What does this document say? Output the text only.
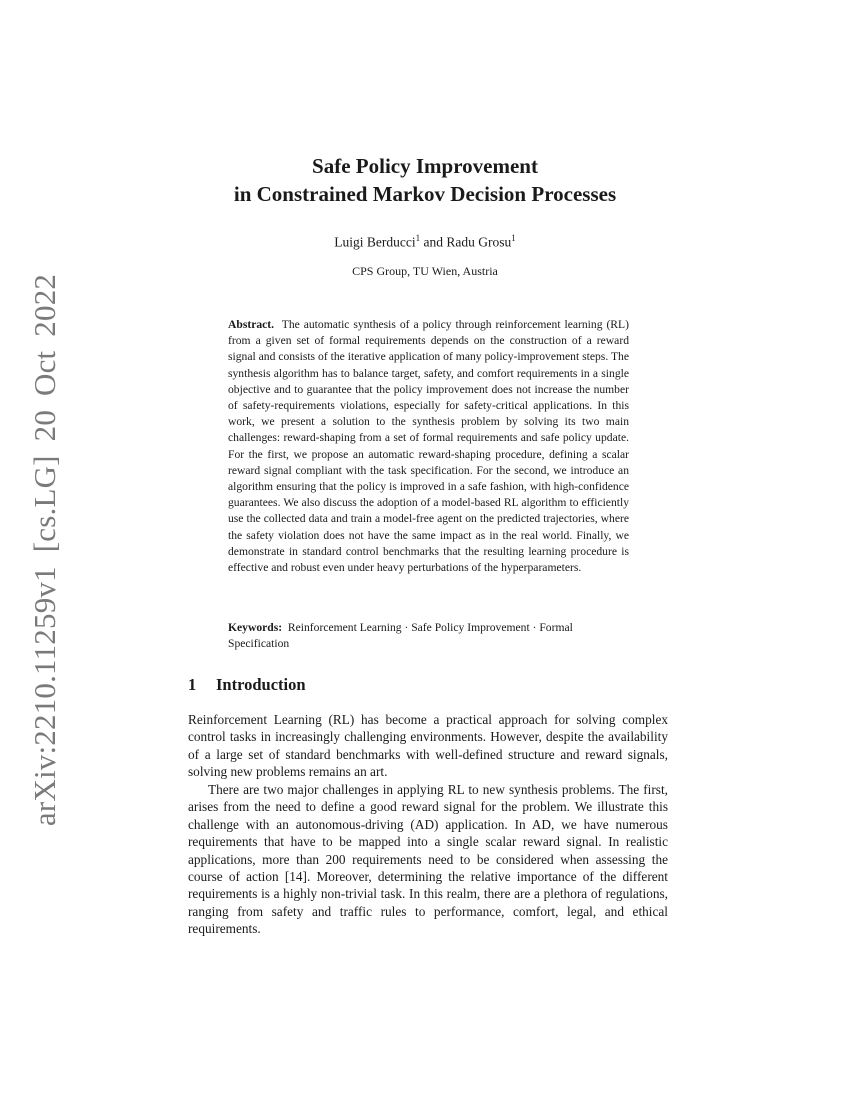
arXiv:2210.11259v1 [cs.LG] 20 Oct 2022
Safe Policy Improvement
in Constrained Markov Decision Processes
Luigi Berducci$^1$ and Radu Grosu$^1$
CPS Group, TU Wien, Austria
Abstract. The automatic synthesis of a policy through reinforcement learning (RL) from a given set of formal requirements depends on the construction of a reward signal and consists of the iterative application of many policy-improvement steps. The synthesis algorithm has to balance target, safety, and comfort requirements in a single objective and to guarantee that the policy improvement does not increase the number of safety-requirements violations, especially for safety-critical applications. In this work, we present a solution to the synthesis problem by solving its two main challenges: reward-shaping from a set of formal requirements and safe policy update. For the first, we propose an automatic reward-shaping procedure, defining a scalar reward signal compliant with the task specification. For the second, we introduce an algorithm ensuring that the policy is improved in a safe fashion, with high-confidence guarantees. We also discuss the adoption of a model-based RL algorithm to efficiently use the collected data and train a model-free agent on the predicted trajectories, where the safety violation does not have the same impact as in the real world. Finally, we demonstrate in standard control benchmarks that the resulting learning procedure is effective and robust even under heavy perturbations of the hyperparameters.
Keywords: Reinforcement Learning · Safe Policy Improvement · Formal Specification
1 Introduction

Reinforcement Learning (RL) has become a practical approach for solving complex control tasks in increasingly challenging environments. However, despite the availability of a large set of standard benchmarks with well-defined structure and reward signals, solving new problems remains an art.

There are two major challenges in applying RL to new synthesis problems. The first, arises from the need to define a good reward signal for the problem. We illustrate this challenge with an autonomous-driving (AD) application. In AD, we have numerous requirements that have to be mapped into a single scalar reward signal. In realistic applications, more than 200 requirements need to be considered when assessing the course of action [14]. Moreover, determining the relative importance of the different requirements is a highly non-trivial task. In this realm, there are a plethora of regulations, ranging from safety and traffic rules to performance, comfort, legal, and ethical requirements.
